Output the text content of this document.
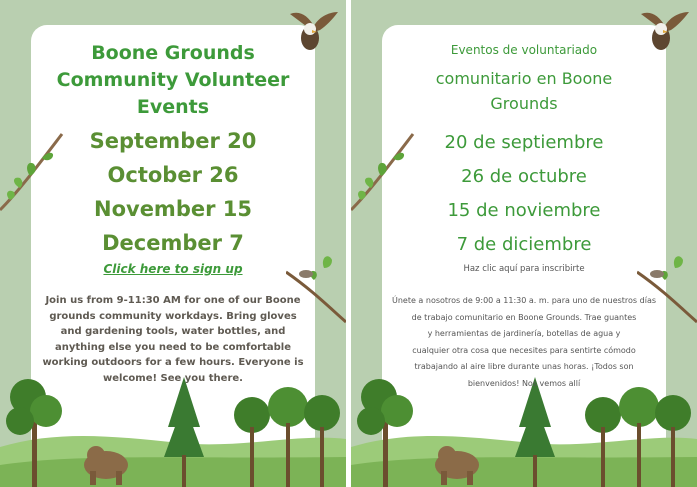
Boone Grounds
Community Volunteer
Events
September 20
October 26
November 15
December 7
Click here to sign up
Join us from 9-11:30 AM for one of our Boone
grounds community workdays. Bring gloves
and gardening tools, water bottles, and
anything else you need to be comfortable
working outdoors for a few hours. Everyone is
welcome! See you there.
Eventos de voluntariado
comunitario en Boone
Grounds
20 de septiembre
26 de octubre
15 de noviembre
7 de diciembre
Haz clic aquí para inscribirte
Únete a nosotros de 9:00 a 11:30 a. m. para uno de nuestros días
de trabajo comunitario en Boone Grounds. Trae guantes
y herramientas de jardinería, botellas de agua y
cualquier otra cosa que necesites para sentirte cómodo
trabajando al aire libre durante unas horas. ¡Todos son
bienvenidos! Nos vemos allí
